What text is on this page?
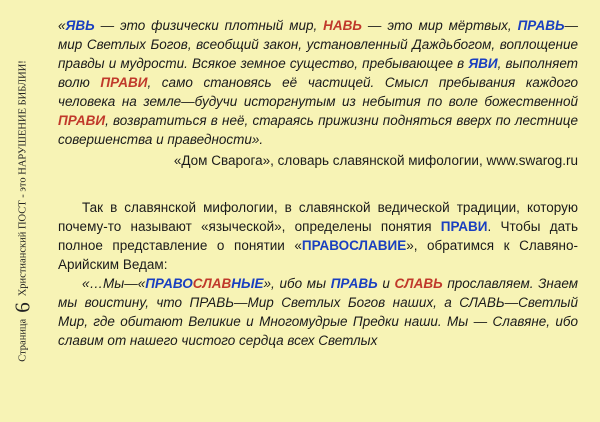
Страница
6
Христианский ПОСТ - это НАРУШЕНИЕ БИБЛИИ!

«ЯВЬ — это физически плотный мир, НАВЬ — это мир мёртвых, ПРАВЬ—мир Светлых Богов, всеобщий закон, установленный Даждьбогом, воплощение правды и мудрости. Всякое земное существо, пребывающее в ЯВИ, выполняет волю ПРАВИ, само становясь её частицей. Смысл пребывания каждого человека на земле—будучи исторгнутым из небытия по воле божественной ПРАВИ, возвратиться в неё, стараясь прижизни подняться вверх по лестнице совершенства и праведности».

«Дом Сварога», словарь славянской мифологии, www.swarog.ru

Так в славянской мифологии, в славянской ведической традиции, которую почему-то называют «языческой», определены понятия ПРАВИ. Чтобы дать полное представление о понятии «ПРАВОСЛАВИЕ», обратимся к Славяно-Арийским Ведам:

«…Мы—«ПРАВОСЛАВНЫЕ», ибо мы ПРАВЬ и СЛАВЬ прославляем. Знаем мы воистину, что ПРАВЬ—Мир Светлых Богов наших, а СЛАВЬ—Светлый Мир, где обитают Великие и Многомудрые Предки наши. Мы — Славяне, ибо славим от нашего чистого сердца всех Светлых
